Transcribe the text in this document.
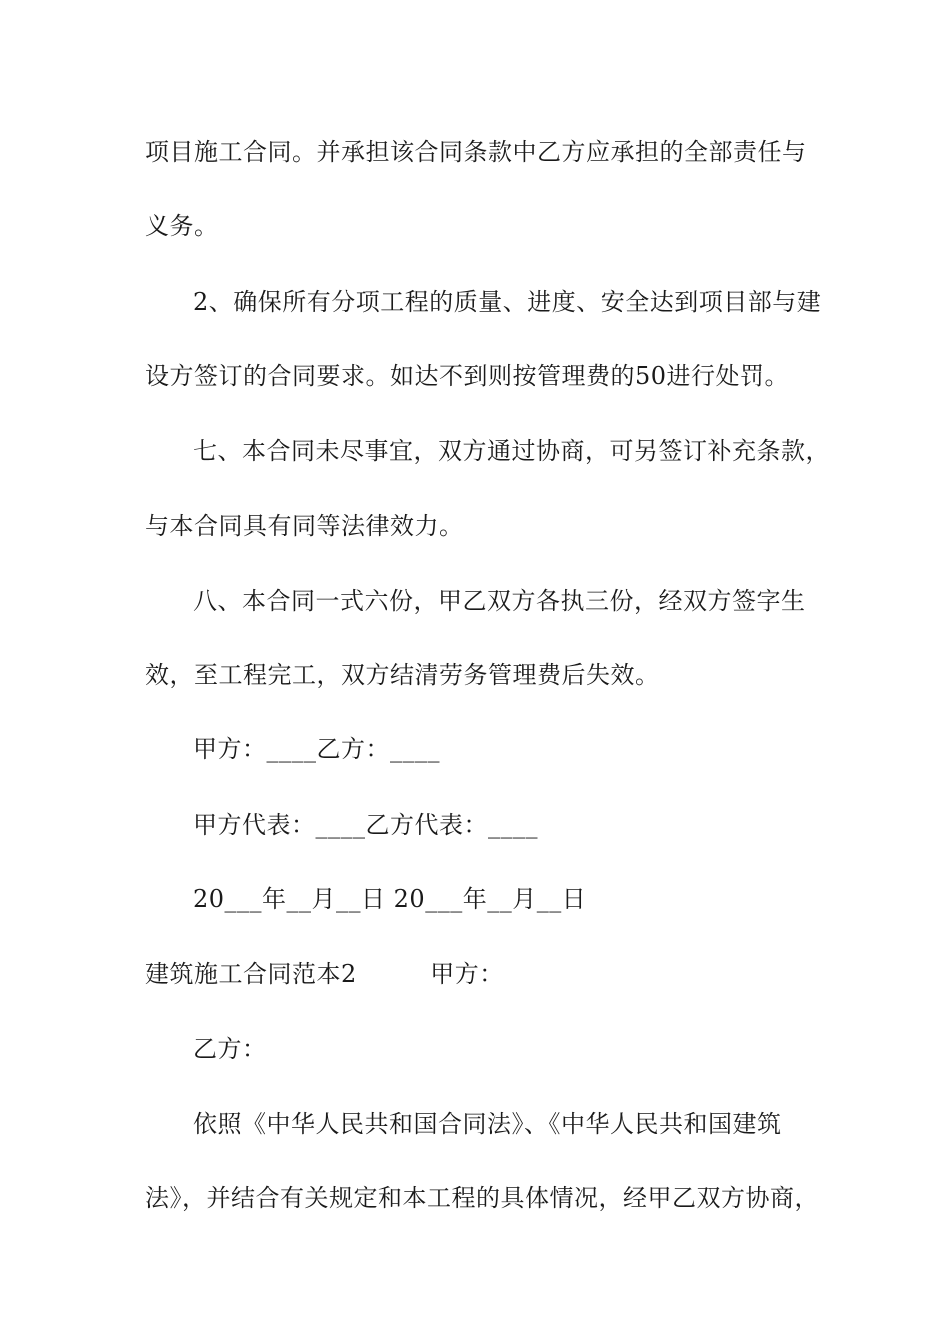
项目施工合同。并承担该合同条款中乙方应承担的全部责任与
义务。
2、确保所有分项工程的质量、进度、安全达到项目部与建
设方签订的合同要求。如达不到则按管理费的50进行处罚。
七、本合同未尽事宜，双方通过协商，可另签订补充条款，
与本合同具有同等法律效力。
八、本合同一式六份，甲乙双方各执三份，经双方签字生
效，至工程完工，双方结清劳务管理费后失效。
甲方：____乙方：____
甲方代表：____乙方代表：____
20___年__月__日 20___年__月__日
建筑施工合同范本2　　　甲方：
乙方：
依照《中华人民共和国合同法》、《中华人民共和国建筑
法》，并结合有关规定和本工程的具体情况，经甲乙双方协商，
